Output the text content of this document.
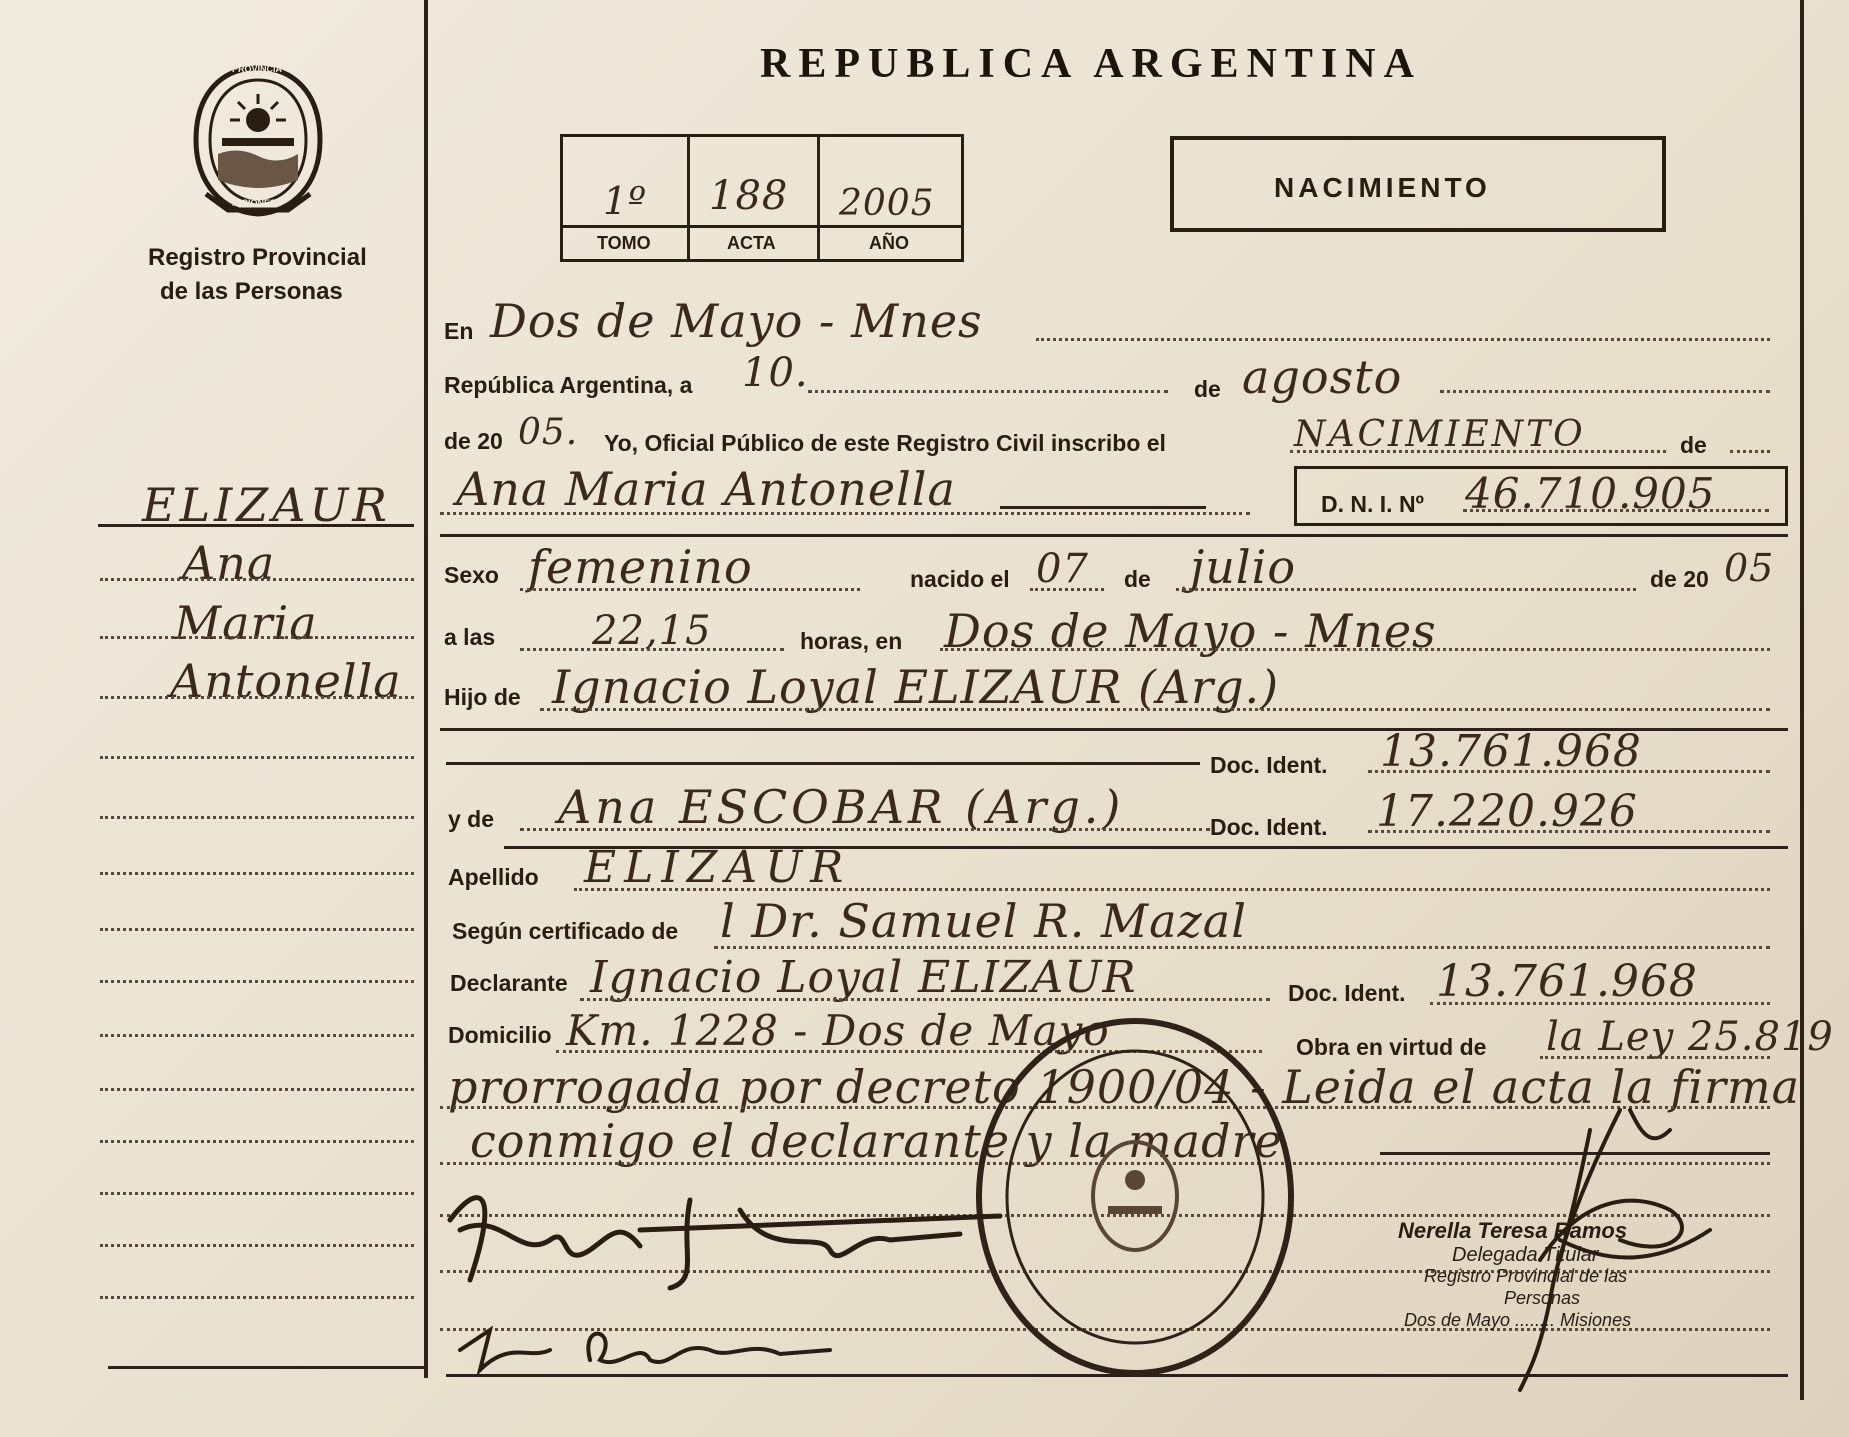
PROVINCIA
MISIONES
Registro Provincial
de las Personas
REPUBLICA ARGENTINA
1º 188 2005
TOMO	ACTA	AÑO
NACIMIENTO
ELIZAUR
Ana
Maria
Antonella
En Dos de Mayo - Mnes
República Argentina, a 10.	de agosto
de 20 05. Yo, Oficial Público de este Registro Civil inscribo el	NACIMIENTO	de
Ana Maria Antonella	D. N. I. Nº 46.710.905
Sexo femenino	nacido el 07 de julio	de 20 05
a las 22,15	horas, en Dos de Mayo - Mnes
Hijo de Ignacio Loyal ELIZAUR (Arg.)
Doc. Ident. 13.761.968
y de Ana ESCOBAR (Arg.)	Doc. Ident. 17.220.926
Apellido ELIZAUR
Según certificado de l Dr. Samuel R. Mazal
Declarante Ignacio Loyal ELIZAUR	Doc. Ident. 13.761.968
Domicilio Km. 1228 - Dos de Mayo	Obra en virtud de la Ley 25.819
prorrogada por decreto 1900/04 - Leida el acta la firma
conmigo el declarante y la madre
Nerella Teresa Ramos
Delegada Titular
Registro Provincial de las
Personas
Dos de Mayo ........ Misiones
